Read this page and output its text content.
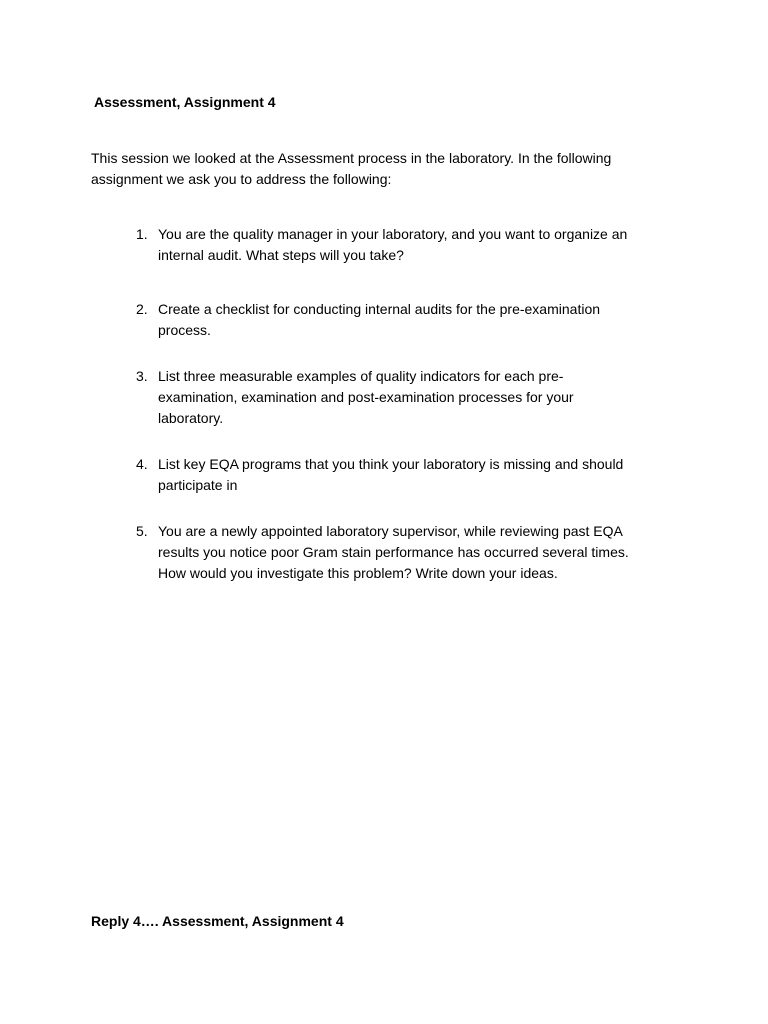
Assessment, Assignment 4
This session we looked at the Assessment process in the laboratory. In the following
assignment we ask you to address the following:
1. You are the quality manager in your laboratory, and you want to organize an
internal audit. What steps will you take?
2. Create a checklist for conducting internal audits for the pre-examination
process.
3. List three measurable examples of quality indicators for each pre-
examination, examination and post-examination processes for your
laboratory.
4. List key EQA programs that you think your laboratory is missing and should
participate in
5. You are a newly appointed laboratory supervisor, while reviewing past EQA
results you notice poor Gram stain performance has occurred several times.
How would you investigate this problem? Write down your ideas.
Reply 4…. Assessment, Assignment 4
